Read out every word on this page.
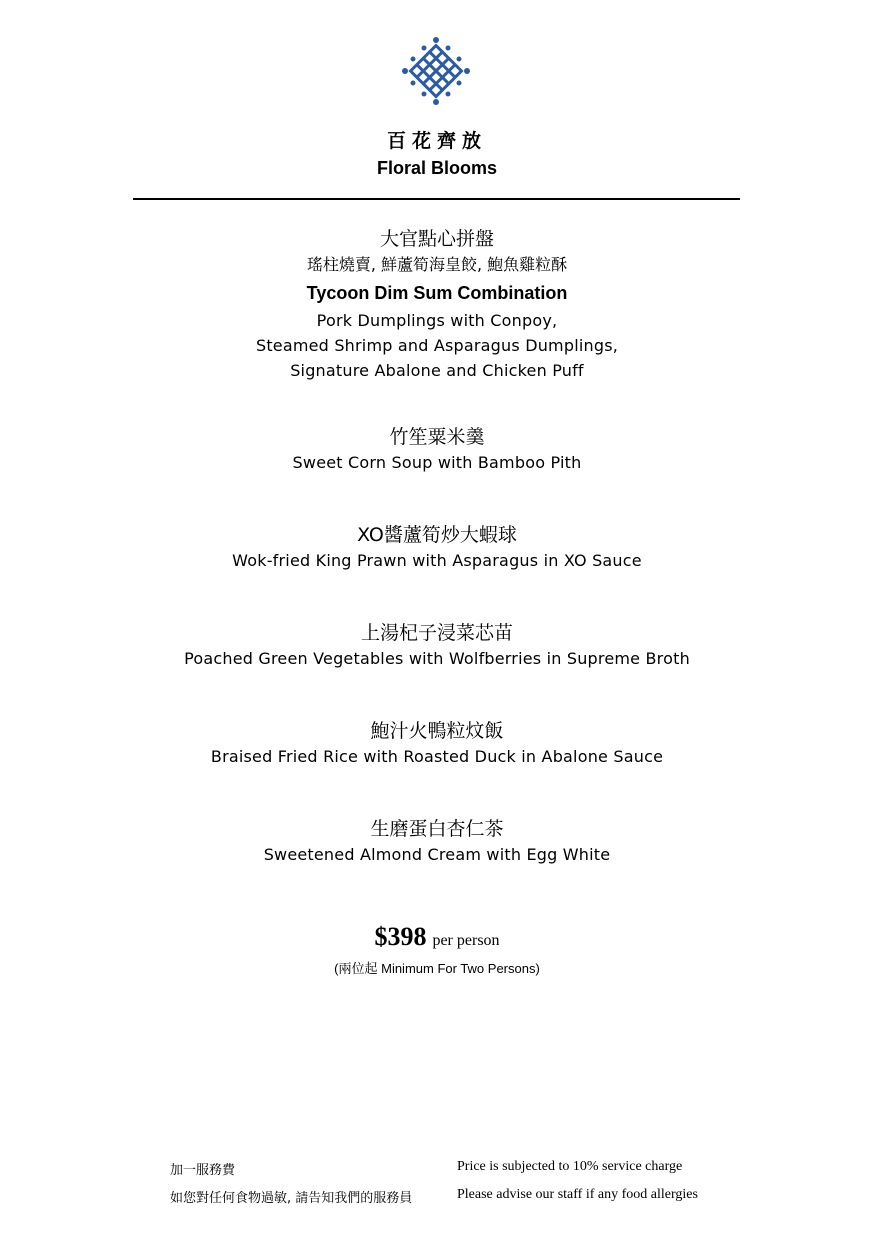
百花齊放
Floral Blooms
大官點心拼盤
瑤柱燒賣, 鮮蘆筍海皇餃, 鮑魚雞粒酥
Tycoon Dim Sum Combination
Pork Dumplings with Conpoy,
Steamed Shrimp and Asparagus Dumplings,
Signature Abalone and Chicken Puff
竹笙粟米羹
Sweet Corn Soup with Bamboo Pith
XO醬蘆筍炒大蝦球
Wok-fried King Prawn with Asparagus in XO Sauce
上湯杞子浸菜芯苗
Poached Green Vegetables with Wolfberries in Supreme Broth
鮑汁火鴨粒炆飯
Braised Fried Rice with Roasted Duck in Abalone Sauce
生磨蛋白杏仁茶
Sweetened Almond Cream with Egg White
$398 per person
(兩位起 Minimum For Two Persons)
加一服務費	Price is subjected to 10% service charge
如您對任何食物過敏, 請告知我們的服務員	Please advise our staff if any food allergies
